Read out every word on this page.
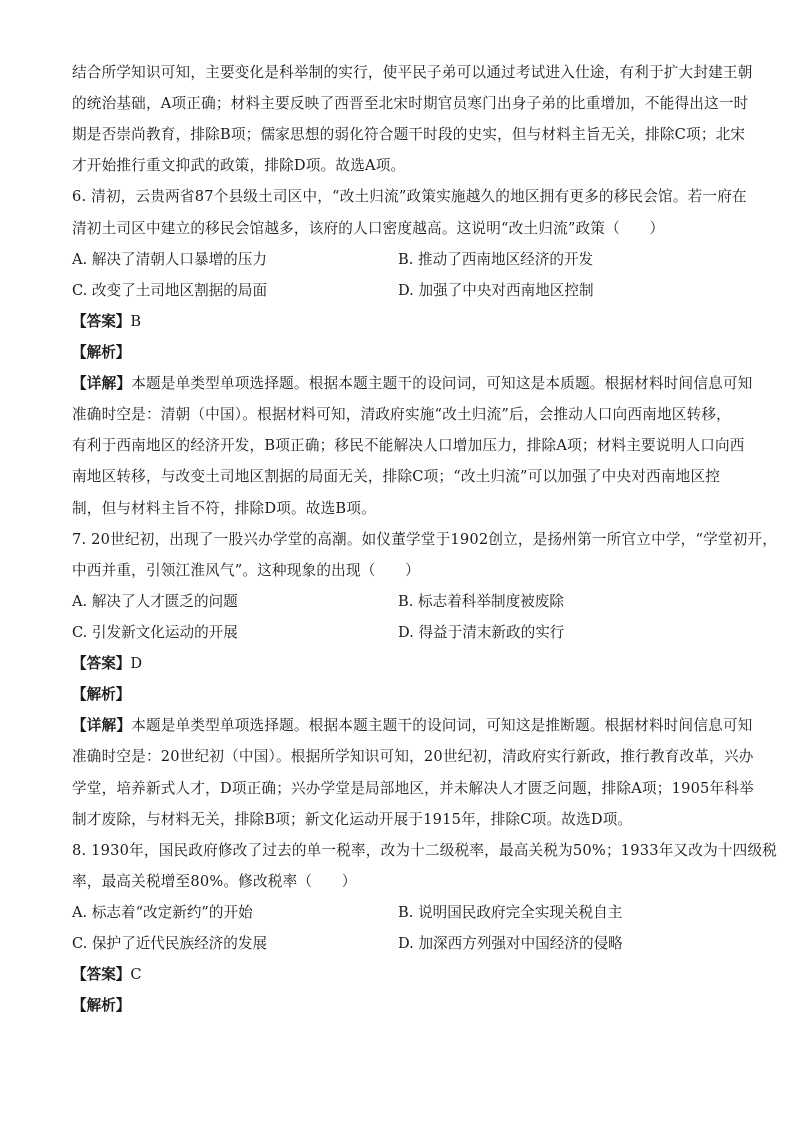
结合所学知识可知，主要变化是科举制的实行，使平民子弟可以通过考试进入仕途，有利于扩大封建王朝
的统治基础，A项正确；材料主要反映了西晋至北宋时期官员寒门出身子弟的比重增加，不能得出这一时
期是否崇尚教育，排除B项；儒家思想的弱化符合题干时段的史实，但与材料主旨无关，排除C项；北宋
才开始推行重文抑武的政策，排除D项。故选A项。
6. 清初，云贵两省87个县级土司区中，“改土归流”政策实施越久的地区拥有更多的移民会馆。若一府在
清初土司区中建立的移民会馆越多，该府的人口密度越高。这说明“改土归流”政策（　　）
A. 解决了清朝人口暴增的压力	B. 推动了西南地区经济的开发
C. 改变了土司地区割据的局面	D. 加强了中央对西南地区控制
【答案】B
【解析】
【详解】本题是单类型单项选择题。根据本题主题干的设问词，可知这是本质题。根据材料时间信息可知
准确时空是：清朝（中国）。根据材料可知，清政府实施“改土归流”后，会推动人口向西南地区转移，
有利于西南地区的经济开发，B项正确；移民不能解决人口增加压力，排除A项；材料主要说明人口向西
南地区转移，与改变土司地区割据的局面无关，排除C项；“改土归流”可以加强了中央对西南地区控
制，但与材料主旨不符，排除D项。故选B项。
7. 20世纪初，出现了一股兴办学堂的高潮。如仪董学堂于1902创立，是扬州第一所官立中学，“学堂初开，
中西并重，引领江淮风气”。这种现象的出现（　　）
A. 解决了人才匮乏的问题	B. 标志着科举制度被废除
C. 引发新文化运动的开展	D. 得益于清末新政的实行
【答案】D
【解析】
【详解】本题是单类型单项选择题。根据本题主题干的设问词，可知这是推断题。根据材料时间信息可知
准确时空是：20世纪初（中国）。根据所学知识可知，20世纪初，清政府实行新政，推行教育改革，兴办
学堂，培养新式人才，D项正确；兴办学堂是局部地区，并未解决人才匮乏问题，排除A项；1905年科举
制才废除，与材料无关，排除B项；新文化运动开展于1915年，排除C项。故选D项。
8. 1930年，国民政府修改了过去的单一税率，改为十二级税率，最高关税为50%；1933年又改为十四级税
率，最高关税增至80%。修改税率（　　）
A. 标志着“改定新约”的开始	B. 说明国民政府完全实现关税自主
C. 保护了近代民族经济的发展	D. 加深西方列强对中国经济的侵略
【答案】C
【解析】
